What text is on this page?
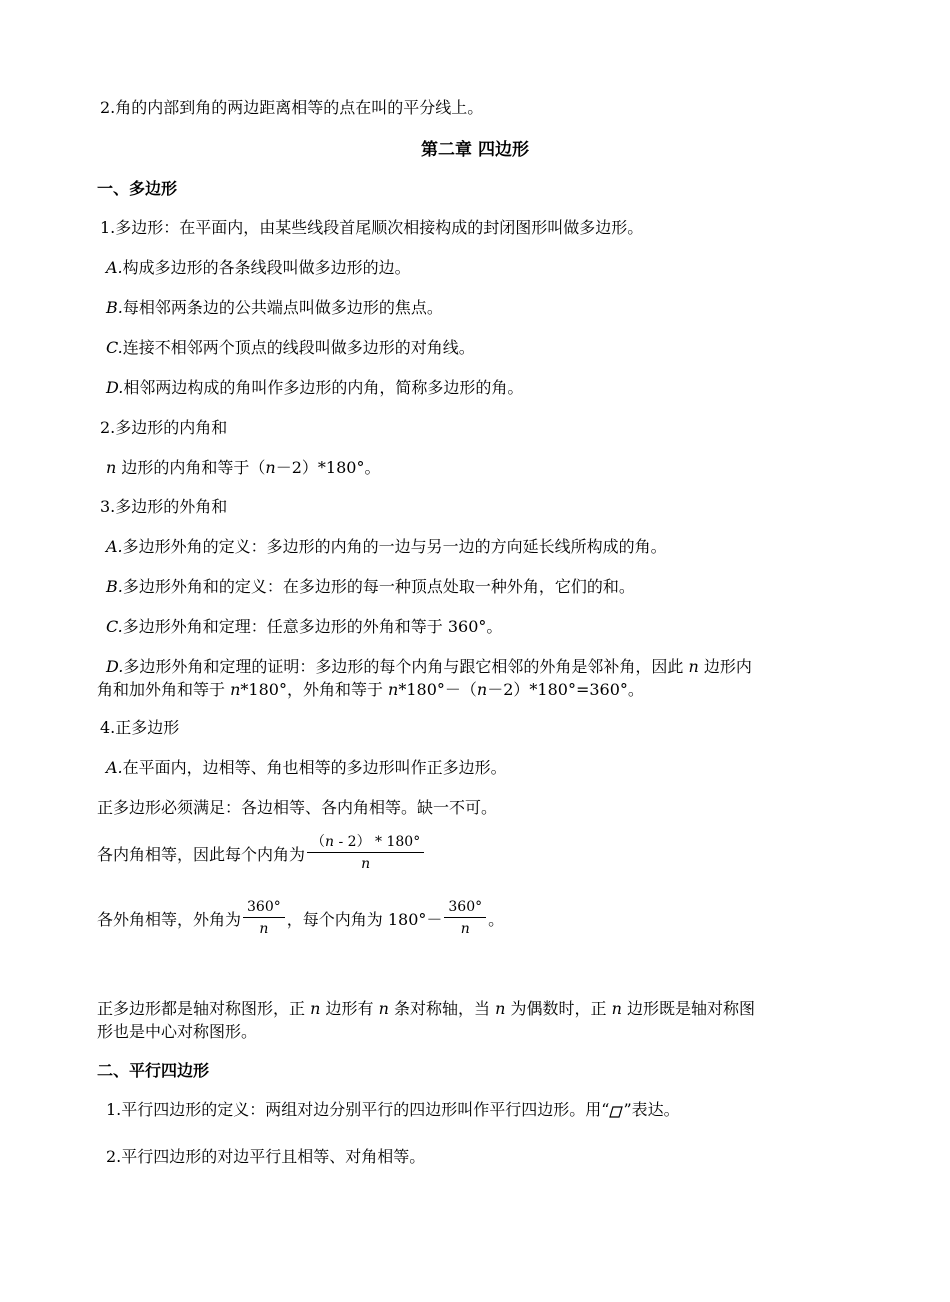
2.角的内部到角的两边距离相等的点在叫的平分线上。
第二章 四边形
一、多边形
1.多边形：在平面内，由某些线段首尾顺次相接构成的封闭图形叫做多边形。
A.构成多边形的各条线段叫做多边形的边。
B.每相邻两条边的公共端点叫做多边形的焦点。
C.连接不相邻两个顶点的线段叫做多边形的对角线。
D.相邻两边构成的角叫作多边形的内角，简称多边形的角。
2.多边形的内角和
n 边形的内角和等于（n－2）*180°。
3.多边形的外角和
A.多边形外角的定义：多边形的内角的一边与另一边的方向延长线所构成的角。
B.多边形外角和的定义：在多边形的每一种顶点处取一种外角，它们的和。
C.多边形外角和定理：任意多边形的外角和等于 360°。
D.多边形外角和定理的证明：多边形的每个内角与跟它相邻的外角是邻补角，因此 n 边形内
角和加外角和等于 n*180°，外角和等于 n*180°－（n－2）*180°=360°。
4.正多边形
A.在平面内，边相等、角也相等的多边形叫作正多边形。
正多边形必须满足：各边相等、各内角相等。缺一不可。
各内角相等，因此每个内角为 $\frac{(n - 2) * 180^\circ}{n}$
各外角相等，外角为 $\frac{360^\circ}{n}$ ，每个内角为 $180^\circ- \frac{360^\circ}{n}$ 。
正多边形都是轴对称图形，正 n 边形有 n 条对称轴，当 n 为偶数时，正 n 边形既是轴对称图
形也是中心对称图形。
二、平行四边形
1.平行四边形的定义：两组对边分别平行的四边形叫作平行四边形。用“ ”表达。
2.平行四边形的对边平行且相等、对角相等。
